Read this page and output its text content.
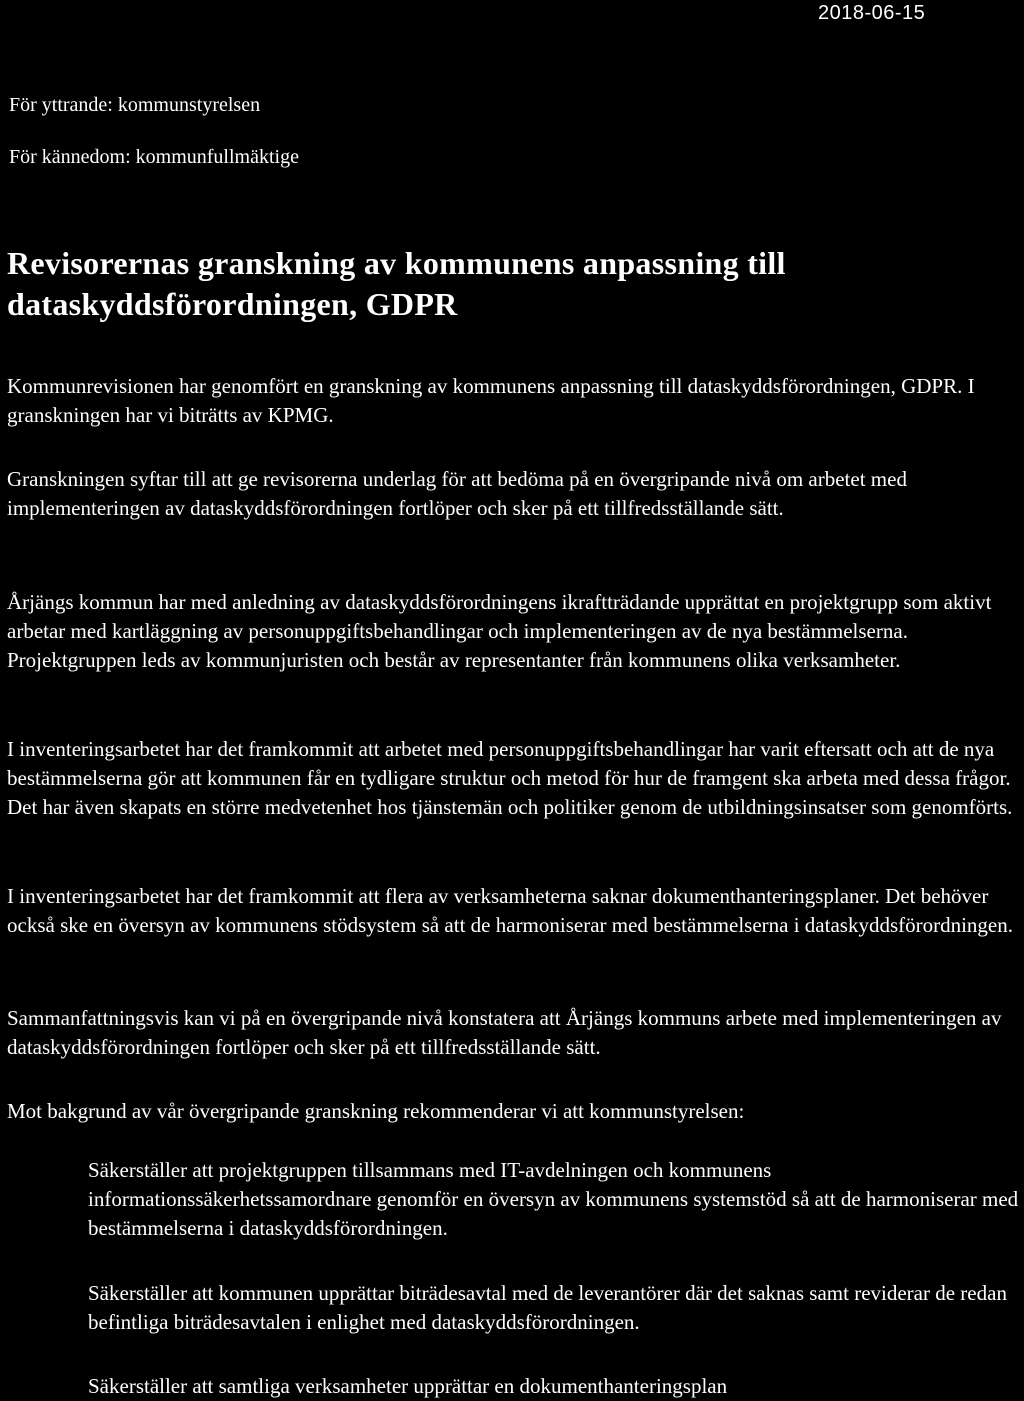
2018-06-15
För yttrande: kommunstyrelsen
För kännedom: kommunfullmäktige
Revisorernas granskning av kommunens anpassning till dataskyddsförordningen, GDPR
Kommunrevisionen har genomfört en granskning av kommunens anpassning till dataskyddsförordningen, GDPR. I granskningen har vi biträtts av KPMG.
Granskningen syftar till att ge revisorerna underlag för att bedöma på en övergripande nivå om arbetet med implementeringen av dataskyddsförordningen fortlöper och sker på ett tillfredsställande sätt.
Årjängs kommun har med anledning av dataskyddsförordningens ikraftträdande upprättat en projektgrupp som aktivt arbetar med kartläggning av personuppgiftsbehandlingar och implementeringen av de nya bestämmelserna. Projektgruppen leds av kommunjuristen och består av representanter från kommunens olika verksamheter.
I inventeringsarbetet har det framkommit att arbetet med personuppgiftsbehandlingar har varit eftersatt och att de nya bestämmelserna gör att kommunen får en tydligare struktur och metod för hur de framgent ska arbeta med dessa frågor. Det har även skapats en större medvetenhet hos tjänstemän och politiker genom de utbildningsinsatser som genomförts.
I inventeringsarbetet har det framkommit att flera av verksamheterna saknar dokumenthanteringsplaner. Det behöver också ske en översyn av kommunens stödsystem så att de harmoniserar med bestämmelserna i dataskyddsförordningen.
Sammanfattningsvis kan vi på en övergripande nivå konstatera att Årjängs kommuns arbete med implementeringen av dataskyddsförordningen fortlöper och sker på ett tillfredsställande sätt.
Mot bakgrund av vår övergripande granskning rekommenderar vi att kommunstyrelsen:
Säkerställer att projektgruppen tillsammans med IT-avdelningen och kommunens informationssäkerhetssamordnare genomför en översyn av kommunens systemstöd så att de harmoniserar med bestämmelserna i dataskyddsförordningen.
Säkerställer att kommunen upprättar biträdesavtal med de leverantörer där det saknas samt reviderar de redan befintliga biträdesavtalen i enlighet med dataskyddsförordningen.
Säkerställer att samtliga verksamheter upprättar en dokumenthanteringsplan
